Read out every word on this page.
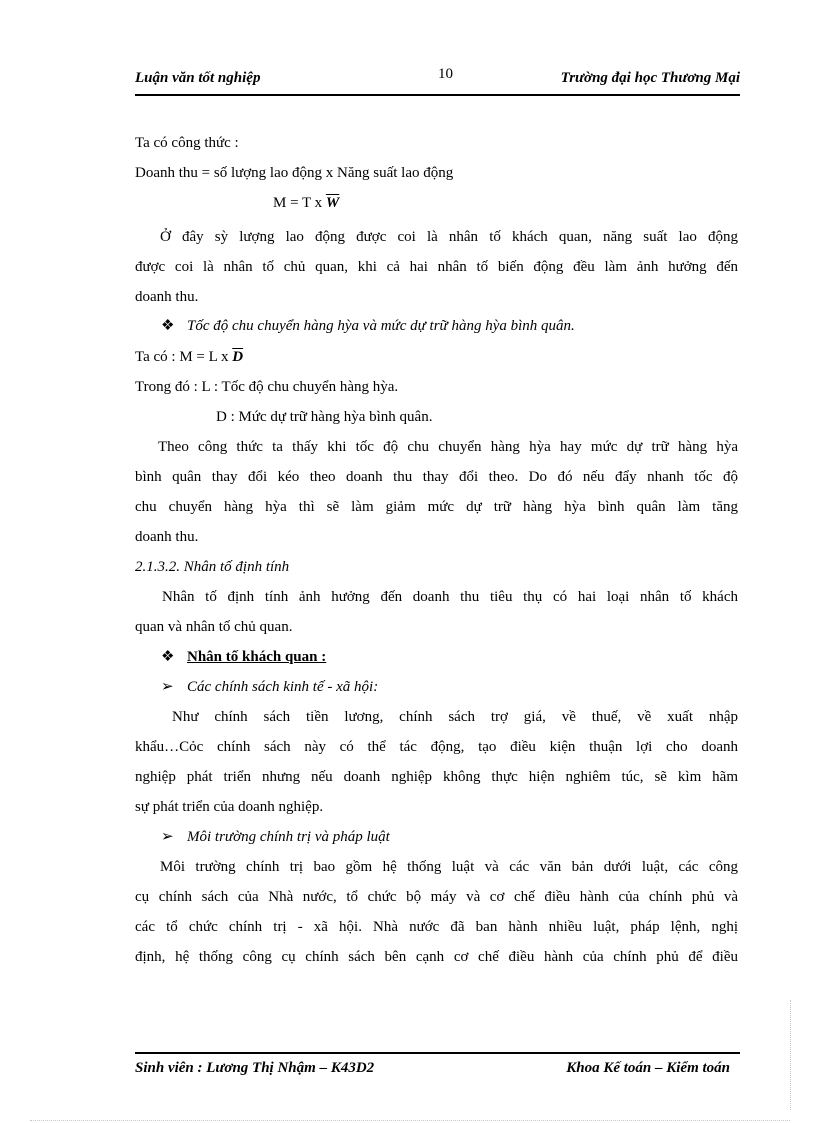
Luận văn tốt nghiệp	10	Trường đại học Thương Mại
Ta có công thức :
Doanh thu = số lượng lao động x Năng suất lao động
M = T x $\overline{W}$
Ở đây sỳ lượng lao động được coi là nhân tố khách quan, năng suất lao động
được coi là nhân tố chủ quan, khi cả hai nhân tố biến động đều làm ảnh hưởng đến
doanh thu.
❖ Tốc độ chu chuyển hàng hỳa và mức dự trữ hàng hỳa bình quân.
Ta có : M = L x $\overline{D}$
Trong đó : L : Tốc độ chu chuyển hàng hỳa.
D : Mức dự trữ hàng hỳa bình quân.
Theo công thức ta thấy khi tốc độ chu chuyển hàng hỳa hay mức dự trữ hàng hỳa
bình quân thay đổi kéo theo doanh thu thay đổi theo. Do đó nếu đẩy nhanh tốc độ
chu chuyển hàng hỳa thì sẽ làm giảm mức dự trữ hàng hỳa bình quân làm tăng
doanh thu.
2.1.3.2. Nhân tố định tính
Nhân tố định tính ảnh hưởng đến doanh thu tiêu thụ có hai loại nhân tố khách
quan và nhân tố chủ quan.
❖ Nhân tố khách quan :
➢ Các chính sách kinh tế - xã hội:
Như chính sách tiền lương, chính sách trợ giá, về thuế, về xuất nhập
khẩu…Cỏc chính sách này có thể tác động, tạo điều kiện thuận lợi cho doanh
nghiệp phát triển nhưng nếu doanh nghiệp không thực hiện nghiêm túc, sẽ kìm hãm
sự phát triển của doanh nghiệp.
➢ Môi trường chính trị và pháp luật
Môi trường chính trị bao gồm hệ thống luật và các văn bản dưới luật, các công
cụ chính sách của Nhà nước, tổ chức bộ máy và cơ chế điều hành của chính phủ và
các tổ chức chính trị - xã hội. Nhà nước đã ban hành nhiều luật, pháp lệnh, nghị
định, hệ thống công cụ chính sách bên cạnh cơ chế điều hành của chính phủ để điều
Sinh viên : Lương Thị Nhậm – K43D2	Khoa Kế toán – Kiểm toán
